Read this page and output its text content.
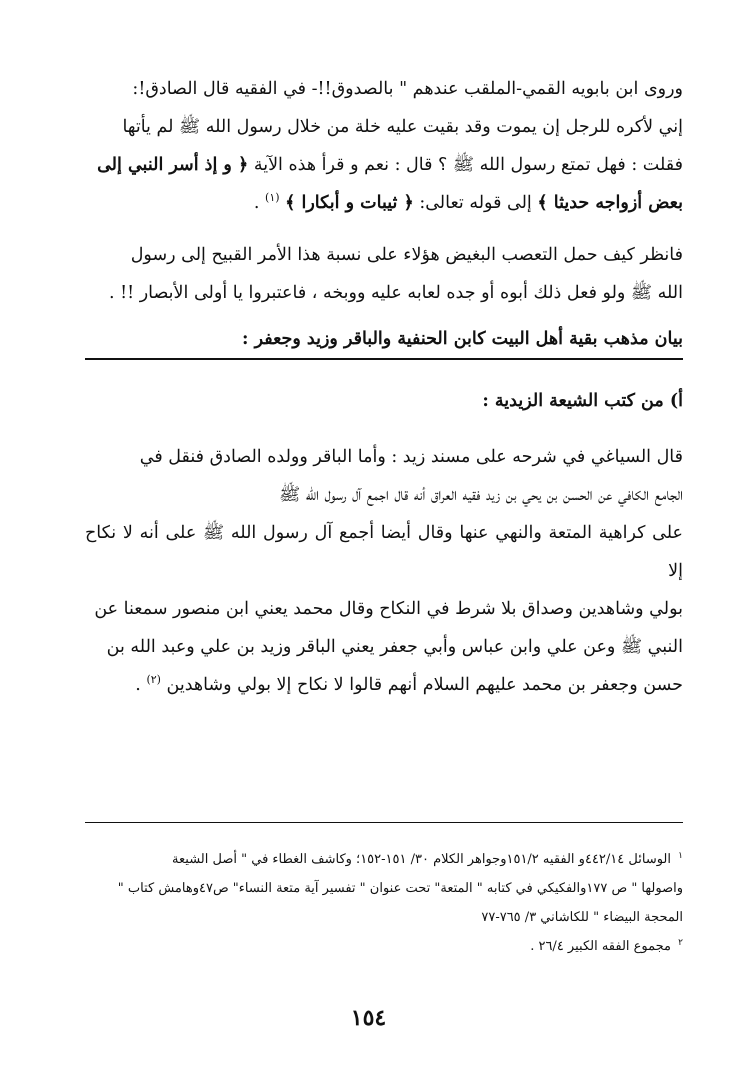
وروى ابن بابويه القمي-الملقب عندهم " بالصدوق!!- في الفقيه قال الصادق!:

إني لأكره للرجل إن يموت وقد بقيت عليه خلة من خلال رسول الله ﷺ لم يأتها

فقلت : فهل تمتع رسول الله ﷺ ؟ قال : نعم و قرأ هذه الآية ﴿ و إذ أسر النبي إلى

بعض أزواجه حديثا ﴾ إلى قوله تعالى: ﴿ ثيبات و أبكارا ﴾ $^{(١)}$ .

فانظر كيف حمل التعصب البغيض هؤلاء على نسبة هذا الأمر القبيح إلى رسول

الله ﷺ ولو فعل ذلك أبوه أو جده لعابه عليه ووبخه ، فاعتبروا يا أولى الأبصار !! .

بيان مذهب بقية أهل البيت كابن الحنفية والباقر وزيد وجعفر :
أ) من كتب الشيعة الزيدية :

قال السياغي في شرحه على مسند زيد : وأما الباقر وولده الصادق فنقل في

الجامع الكافي عن الحسن بن يحي بن زيد فقيه العراق أنه قال اجمع آل رسول الله ﷺ

على كراهية المتعة والنهي عنها وقال أيضا أجمع آل رسول الله ﷺ على أنه لا نكاح إلا

بولي وشاهدين وصداق بلا شرط في النكاح وقال محمد يعني ابن منصور سمعنا عن

النبي ﷺ وعن علي وابن عباس وأبي جعفر يعني الباقر وزيد بن علي وعبد الله بن

حسن وجعفر بن محمد عليهم السلام أنهم قالوا لا نكاح إلا بولي وشاهدين $^{(٢)}$ .

$^١$ الوسائل ٤٤٢/١٤و الفقيه ١٥١/٢وجواهر الكلام ٣٠/ ١٥١-١٥٢؛ وكاشف الغطاء في " أصل الشيعة

واصولها " ص ١٧٧والفكيكي في كتابه " المتعة" تحت عنوان " تفسير آية متعة النساء" ص٤٧وهامش كتاب "

المحجة البيضاء " للكاشاني ٣/ ٧٦٥-٧٧

$^٢$ مجموع الفقه الكبير ٢٦/٤ .

١٥٤
